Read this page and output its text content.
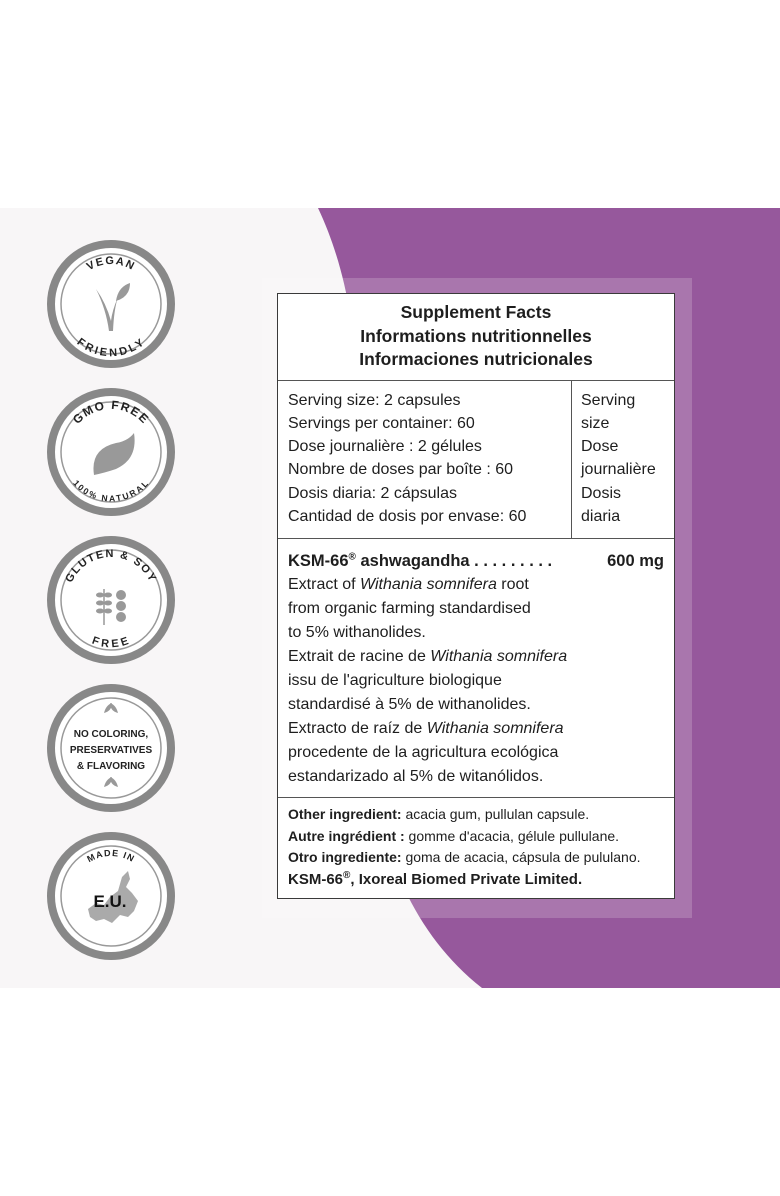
VEGAN
FRIENDLY
GMO FREE
100% NATURAL
GLUTEN & SOY
FREE
NO COLORING,
PRESERVATIVES
& FLAVORING
MADE IN
E.U.
Supplement Facts
Informations nutritionnelles
Informaciones nutricionales
Serving size: 2 capsules
Servings per container: 60
Dose journalière : 2 gélules
Nombre de doses par boîte : 60
Dosis diaria: 2 cápsulas
Cantidad de dosis por envase: 60
Serving
size
Dose
journalière
Dosis
diaria
KSM-66® ashwagandha . . . . . . . . .	600 mg
Extract of Withania somnifera root
from organic farming standardised
to 5% withanolides.
Extrait de racine de Withania somnifera
issu de l'agriculture biologique
standardisé à 5% de withanolides.
Extracto de raíz de Withania somnifera
procedente de la agricultura ecológica
estandarizado al 5% de witanólidos.
Other ingredient: acacia gum, pullulan capsule.
Autre ingrédient : gomme d'acacia, gélule pullulane.
Otro ingrediente: goma de acacia, cápsula de pululano.
KSM-66®, Ixoreal Biomed Private Limited.
